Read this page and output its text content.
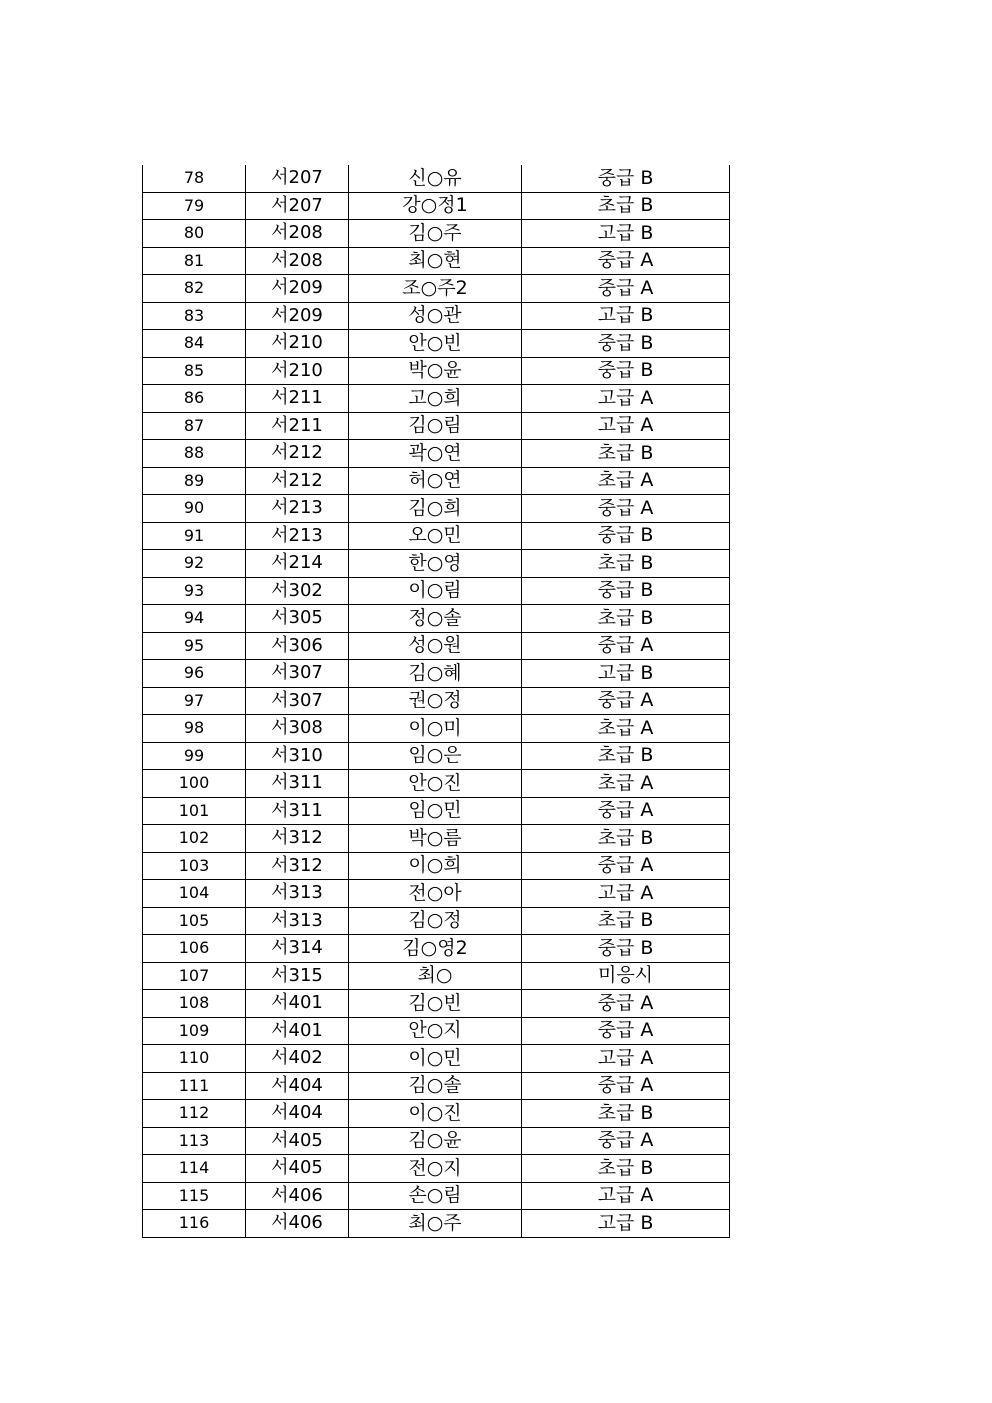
78	서207	신○유	중급 B
79	서207	강○정1	초급 B
80	서208	김○주	고급 B
81	서208	최○현	중급 A
82	서209	조○주2	중급 A
83	서209	성○관	고급 B
84	서210	안○빈	중급 B
85	서210	박○윤	중급 B
86	서211	고○희	고급 A
87	서211	김○림	고급 A
88	서212	곽○연	초급 B
89	서212	허○연	초급 A
90	서213	김○희	중급 A
91	서213	오○민	중급 B
92	서214	한○영	초급 B
93	서302	이○림	중급 B
94	서305	정○솔	초급 B
95	서306	성○원	중급 A
96	서307	김○혜	고급 B
97	서307	권○정	중급 A
98	서308	이○미	초급 A
99	서310	임○은	초급 B
100	서311	안○진	초급 A
101	서311	임○민	중급 A
102	서312	박○름	초급 B
103	서312	이○희	중급 A
104	서313	전○아	고급 A
105	서313	김○정	초급 B
106	서314	김○영2	중급 B
107	서315	최○	미응시
108	서401	김○빈	중급 A
109	서401	안○지	중급 A
110	서402	이○민	고급 A
111	서404	김○솔	중급 A
112	서404	이○진	초급 B
113	서405	김○윤	중급 A
114	서405	전○지	초급 B
115	서406	손○림	고급 A
116	서406	최○주	고급 B
